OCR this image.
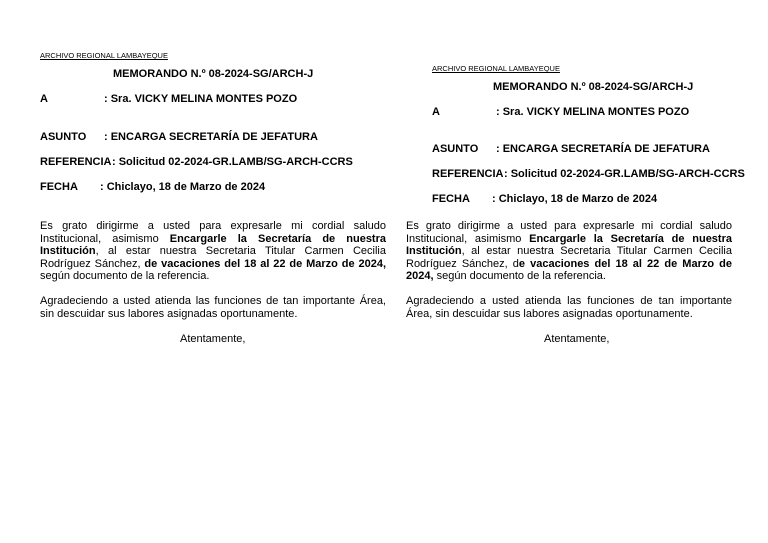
ARCHIVO REGIONAL LAMBAYEQUE
MEMORANDO N.º 08-2024-SG/ARCH-J
A	: Sra. VICKY MELINA MONTES POZO
ASUNTO : ENCARGA SECRETARÍA DE JEFATURA
REFERENCIA: Solicitud 02-2024-GR.LAMB/SG-ARCH-CCRS
FECHA : Chiclayo, 18 de Marzo de 2024
Es grato dirigirme a usted para expresarle mi cordial saludo Institucional, asimismo Encargarle la Secretaría de nuestra Institución, al estar nuestra Secretaria Titular Carmen Cecilia Rodríguez Sánchez, de vacaciones del 18 al 22 de Marzo de 2024, según documento de la referencia.
Agradeciendo a usted atienda las funciones de tan importante Área, sin descuidar sus labores asignadas oportunamente.
Atentamente,
ARCHIVO REGIONAL LAMBAYEQUE
MEMORANDO N.º 08-2024-SG/ARCH-J
A	: Sra. VICKY MELINA MONTES POZO
ASUNTO : ENCARGA SECRETARÍA DE JEFATURA
REFERENCIA: Solicitud 02-2024-GR.LAMB/SG-ARCH-CCRS
FECHA : Chiclayo, 18 de Marzo de 2024
Es grato dirigirme a usted para expresarle mi cordial saludo Institucional, asimismo Encargarle la Secretaría de nuestra Institución, al estar nuestra Secretaria Titular Carmen Cecilia Rodríguez Sánchez, de vacaciones del 18 al 22 de Marzo de 2024, según documento de la referencia.
Agradeciendo a usted atienda las funciones de tan importante Área, sin descuidar sus labores asignadas oportunamente.
Atentamente,
